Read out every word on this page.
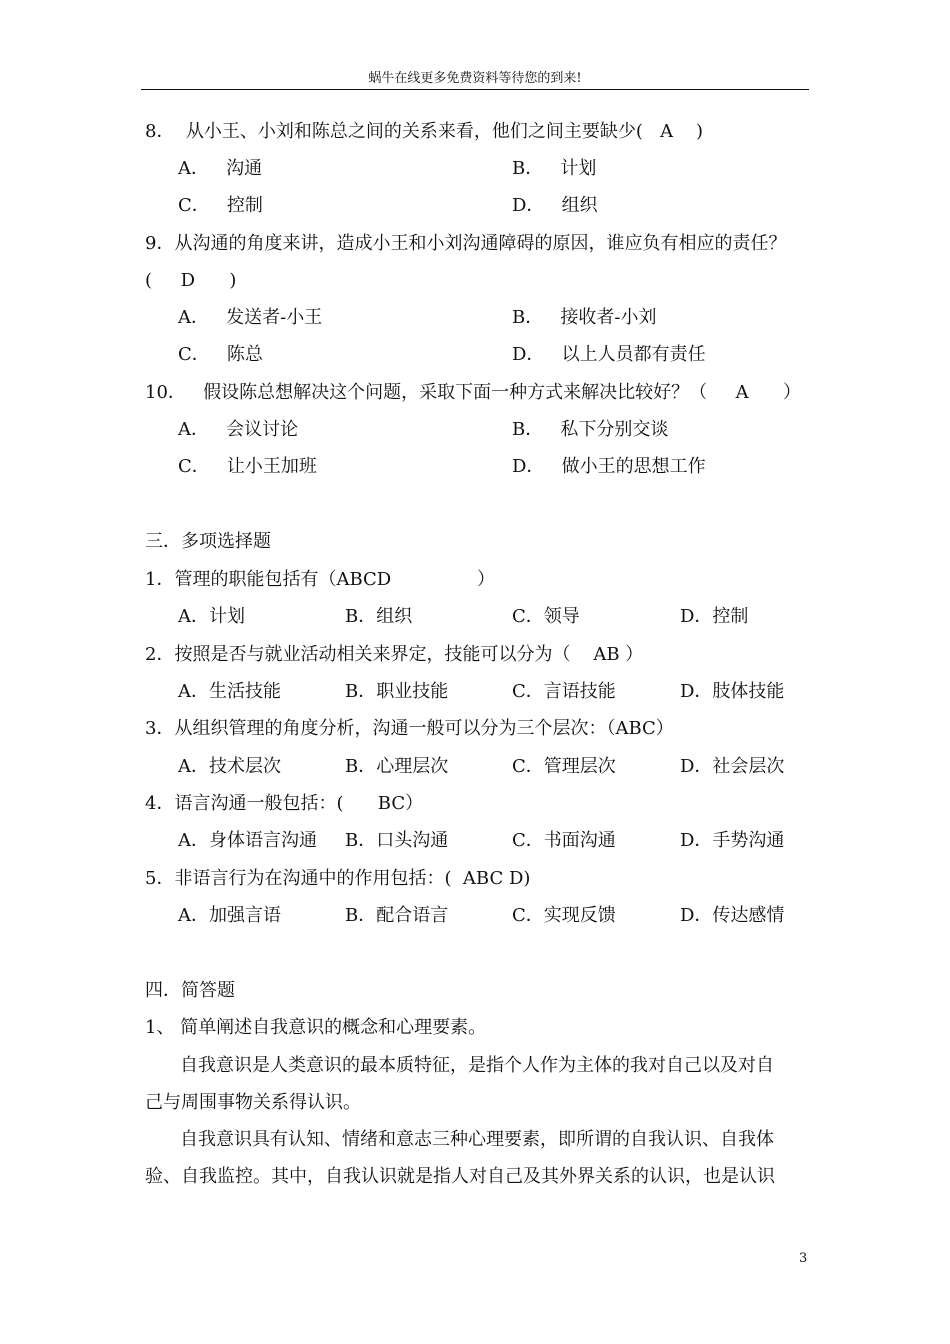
蜗牛在线更多免费资料等待您的到来!
8．  从小王、小刘和陈总之间的关系来看，他们之间主要缺少(   A    )
A．   沟通	B．   计划
C．   控制	D．   组织
9．从沟通的角度来讲，造成小王和小刘沟通障碍的原因，谁应负有相应的责任？
(     D      )
A．   发送者-小王	B．   接收者-小刘
C．   陈总	D．   以上人员都有责任
10．   假设陈总想解决这个问题，采取下面一种方式来解决比较好？（     A      ）
A．   会议讨论	B．   私下分别交谈
C．   让小王加班	D．   做小王的思想工作
三．多项选择题
1．管理的职能包括有（ABCD               ）
A．计划	B．组织	C．领导	D．控制
2．按照是否与就业活动相关来界定，技能可以分为（    AB ）
A．生活技能	B．职业技能	C．言语技能	D．肢体技能
3．从组织管理的角度分析，沟通一般可以分为三个层次：（ABC）
A．技术层次	B．心理层次	C．管理层次	D．社会层次
4．语言沟通一般包括：(      BC）
A．身体语言沟通 B．口头沟通	C．书面沟通	D．手势沟通
5．非语言行为在沟通中的作用包括：(  ABC D)
A．加强言语	B．配合语言	C．实现反馈	D．传达感情
四．简答题
1、 简单阐述自我意识的概念和心理要素。
自我意识是人类意识的最本质特征，是指个人作为主体的我对自己以及对自
己与周围事物关系得认识。
自我意识具有认知、情绪和意志三种心理要素，即所谓的自我认识、自我体
验、自我监控。其中，自我认识就是指人对自己及其外界关系的认识，也是认识
3
